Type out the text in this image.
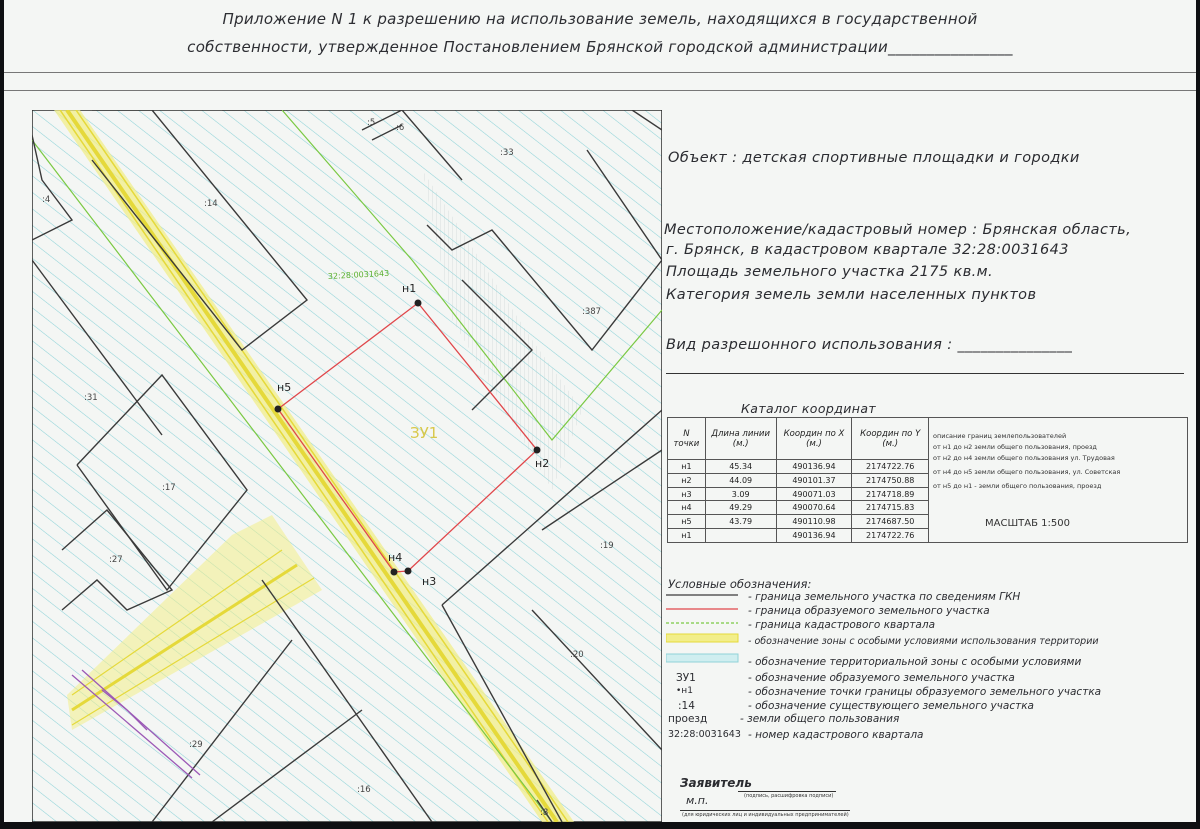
Приложение N 1 к разрешению на использование земель, находящихся в государственной
собственности, утвержденное Постановлением Брянской городской администрации________________
н1
н2
н3
н4
н5
32:28:0031643
ЗУ1
:14
:33
:387
:31
:17
:27
:19
:20
:29
:16
:5 :6
:4
:8
Объект : детская спортивные площадки и городки
Местоположение/кадастровый номер : Брянская область,
г. Брянск, в кадастровом квартале 32:28:0031643
Площадь земельного участка 2175 кв.м.
Категория земель земли населенных пунктов
Вид разрешонного использования : _______________
Каталог координат
N точки	Длина линии (м.)	Координ по X (м.)	Координ по Y (м.)
н1	45.34	490136.94	2174722.76
н2	44.09	490101.37	2174750.88
н3	3.09	490071.03	2174718.89
н4	49.29	490070.64	2174715.83
н5	43.79	490110.98	2174687.50
н1		490136.94	2174722.76
описание границ землепользователей
от н1 до н2 земли общего пользования, проезд
от н2 до н4 земли общего пользования ул. Трудовая
от н4 до н5 земли общего пользования, ул. Советская
от н5 до н1 - земли общего пользования, проезд
МАСШТАБ 1:500
Условные обозначения:
- граница земельного участка по сведениям ГКН
- граница образуемого земельного участка
- граница кадастрового квартала
- обозначение зоны с особыми условиями использования территории
- обозначение территориальной зоны с особыми условиями
ЗУ1	- обозначение образуемого земельного участка
•н1	- обозначение точки границы образуемого земельного участка
:14	- обозначение существующего земельного участка
проезд	- земли общего пользования
32:28:0031643 - номер кадастрового квартала
Заявитель
(подпись, расшифровка подписи)
м.п.
(для юридических лиц и индивидуальных предпринимателей)
